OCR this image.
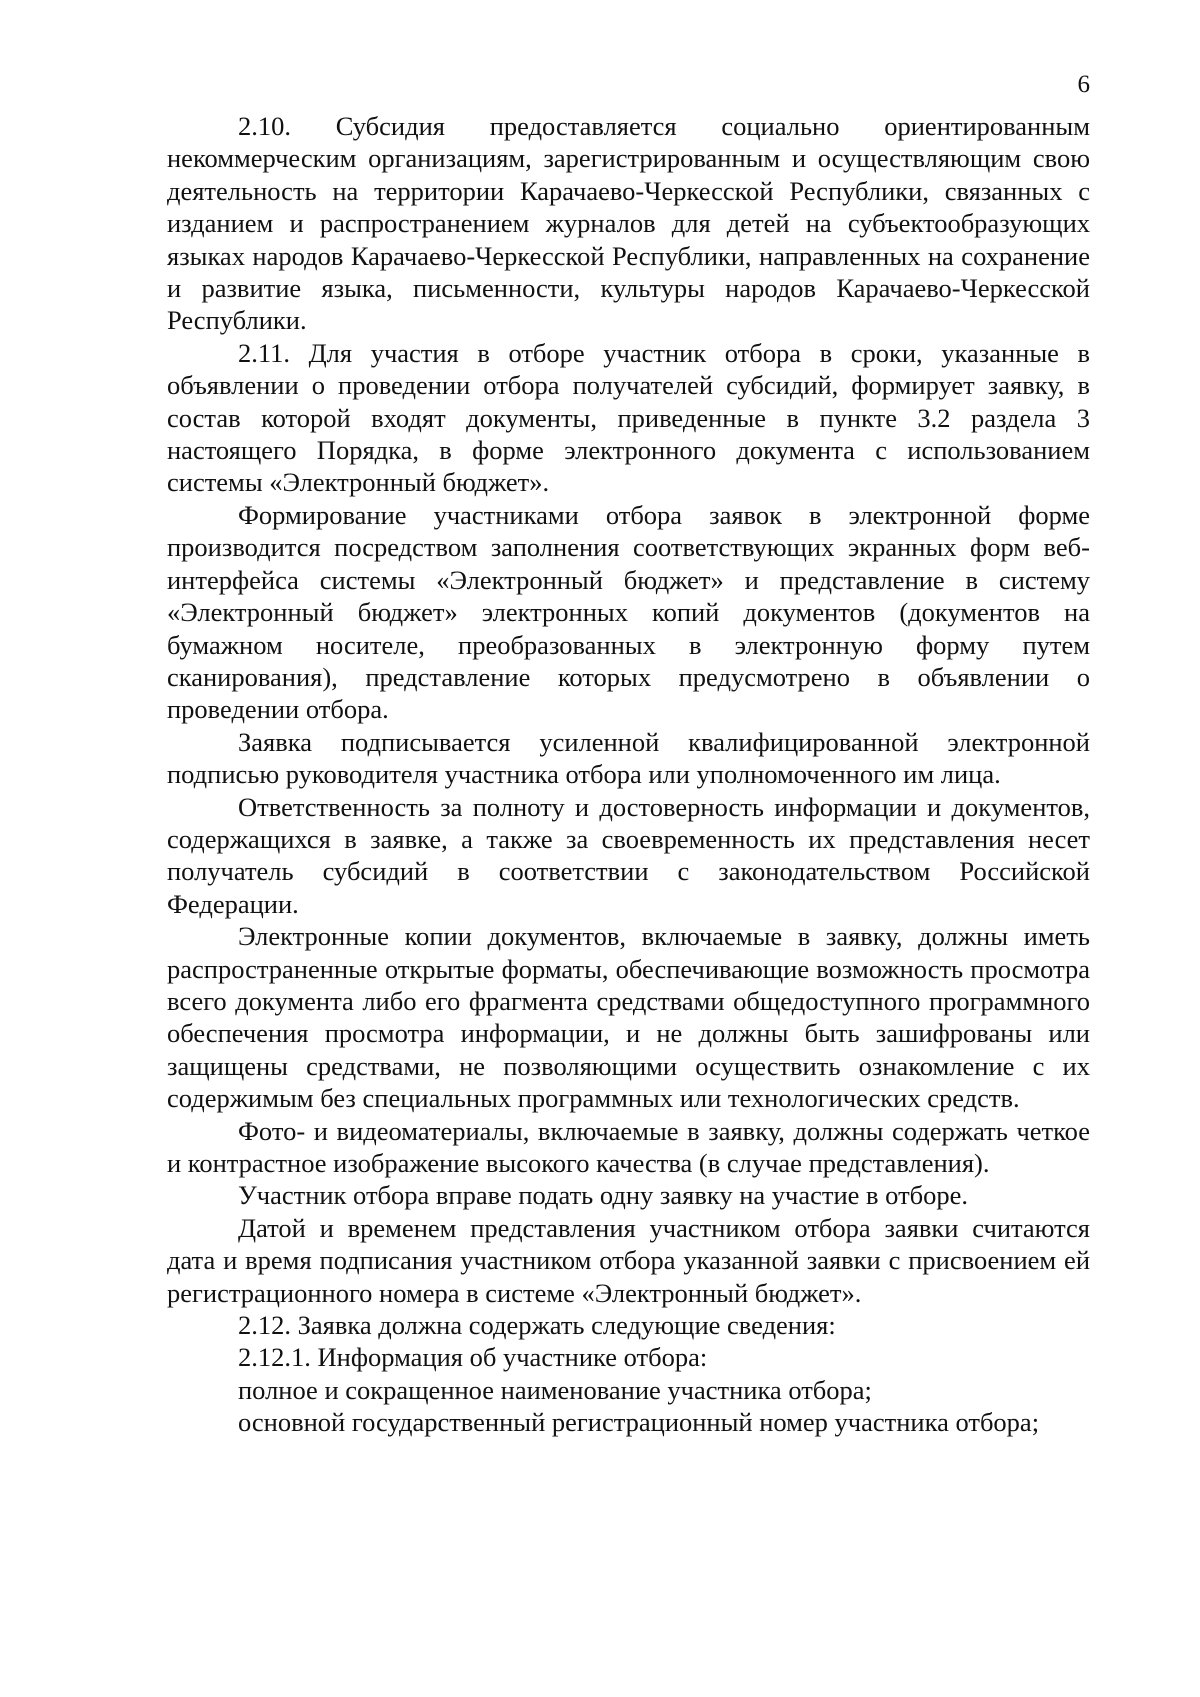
6

2.10. Субсидия предоставляется социально ориентированным некоммерческим организациям, зарегистрированным и осуществляющим свою деятельность на территории Карачаево-Черкесской Республики, связанных с изданием и распространением журналов для детей на субъектообразующих языках народов Карачаево-Черкесской Республики, направленных на сохранение и развитие языка, письменности, культуры народов Карачаево-Черкесской Республики.

2.11. Для участия в отборе участник отбора в сроки, указанные в объявлении о проведении отбора получателей субсидий, формирует заявку, в состав которой входят документы, приведенные в пункте 3.2 раздела 3 настоящего Порядка, в форме электронного документа с использованием системы «Электронный бюджет».

Формирование участниками отбора заявок в электронной форме производится посредством заполнения соответствующих экранных форм веб-интерфейса системы «Электронный бюджет» и представление в систему «Электронный бюджет» электронных копий документов (документов на бумажном носителе, преобразованных в электронную форму путем сканирования), представление которых предусмотрено в объявлении о проведении отбора.

Заявка подписывается усиленной квалифицированной электронной подписью руководителя участника отбора или уполномоченного им лица.

Ответственность за полноту и достоверность информации и документов, содержащихся в заявке, а также за своевременность их представления несет получатель субсидий в соответствии с законодательством Российской Федерации.

Электронные копии документов, включаемые в заявку, должны иметь распространенные открытые форматы, обеспечивающие возможность просмотра всего документа либо его фрагмента средствами общедоступного программного обеспечения просмотра информации, и не должны быть зашифрованы или защищены средствами, не позволяющими осуществить ознакомление с их содержимым без специальных программных или технологических средств.

Фото- и видеоматериалы, включаемые в заявку, должны содержать четкое и контрастное изображение высокого качества (в случае представления).

Участник отбора вправе подать одну заявку на участие в отборе.

Датой и временем представления участником отбора заявки считаются дата и время подписания участником отбора указанной заявки с присвоением ей регистрационного номера в системе «Электронный бюджет».

2.12. Заявка должна содержать следующие сведения:

2.12.1. Информация об участнике отбора:

полное и сокращенное наименование участника отбора;

основной государственный регистрационный номер участника отбора;
